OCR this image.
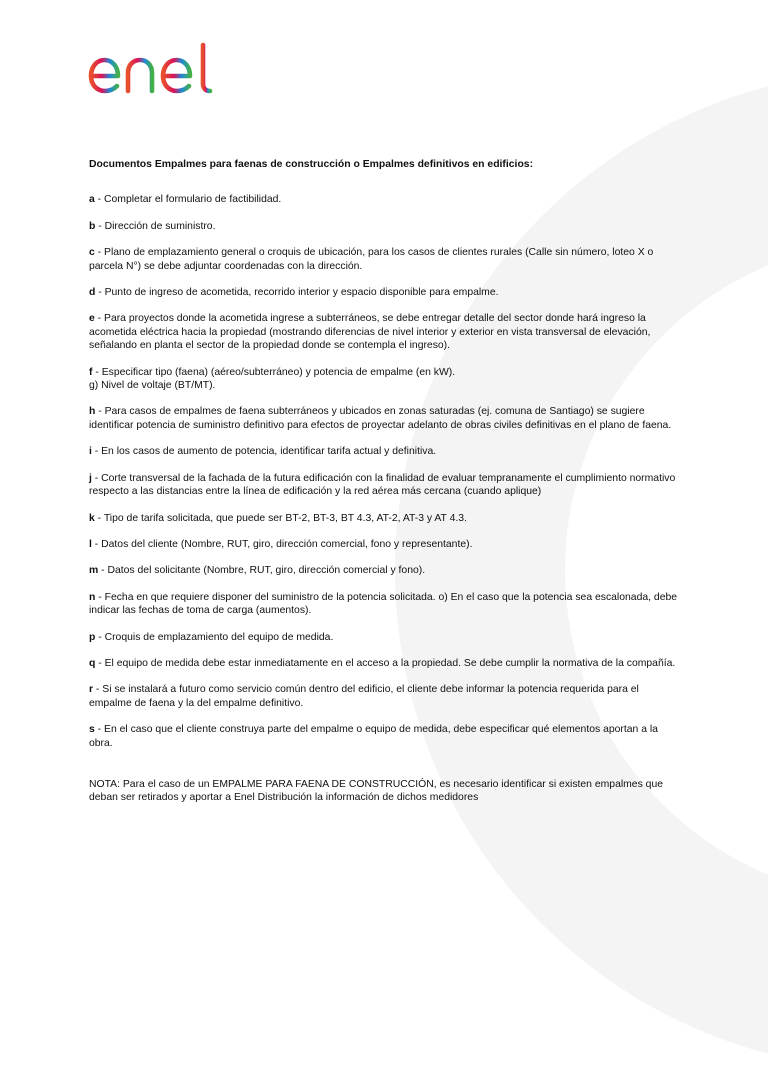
Documentos Empalmes para faenas de construcción o Empalmes definitivos en edificios:

a - Completar el formulario de factibilidad.

b - Dirección de suministro.

c - Plano de emplazamiento general o croquis de ubicación, para los casos de clientes rurales (Calle sin número, loteo X o parcela N°) se debe adjuntar coordenadas con la dirección.

d - Punto de ingreso de acometida, recorrido interior y espacio disponible para empalme.

e - Para proyectos donde la acometida ingrese a subterráneos, se debe entregar detalle del sector donde hará ingreso la acometida eléctrica hacia la propiedad (mostrando diferencias de nivel interior y exterior en vista transversal de elevación, señalando en planta el sector de la propiedad donde se contempla el ingreso).

f - Especificar tipo (faena) (aéreo/subterráneo) y potencia de empalme (en kW).
g) Nivel de voltaje (BT/MT).

h - Para casos de empalmes de faena subterráneos y ubicados en zonas saturadas (ej. comuna de Santiago) se sugiere identificar potencia de suministro definitivo para efectos de proyectar adelanto de obras civiles definitivas en el plano de faena.

i - En los casos de aumento de potencia, identificar tarifa actual y definitiva.

j - Corte transversal de la fachada de la futura edificación con la finalidad de evaluar tempranamente el cumplimiento normativo respecto a las distancias entre la línea de edificación y la red aérea más cercana (cuando aplique)

k - Tipo de tarifa solicitada, que puede ser BT-2, BT-3, BT 4.3, AT-2, AT-3 y AT 4.3.

l - Datos del cliente (Nombre, RUT, giro, dirección comercial, fono y representante).

m - Datos del solicitante (Nombre, RUT, giro, dirección comercial y fono).

n - Fecha en que requiere disponer del suministro de la potencia solicitada. o) En el caso que la potencia sea escalonada, debe indicar las fechas de toma de carga (aumentos).

p - Croquis de emplazamiento del equipo de medida.

q - El equipo de medida debe estar inmediatamente en el acceso a la propiedad. Se debe cumplir la normativa de la compañía.

r - Si se instalará a futuro como servicio común dentro del edificio, el cliente debe informar la potencia requerida para el empalme de faena y la del empalme definitivo.

s - En el caso que el cliente construya parte del empalme o equipo de medida, debe especificar qué elementos aportan a la obra.

NOTA: Para el caso de un EMPALME PARA FAENA DE CONSTRUCCIÓN, es necesario identificar si existen empalmes que deban ser retirados y aportar a Enel Distribución la información de dichos medidores
